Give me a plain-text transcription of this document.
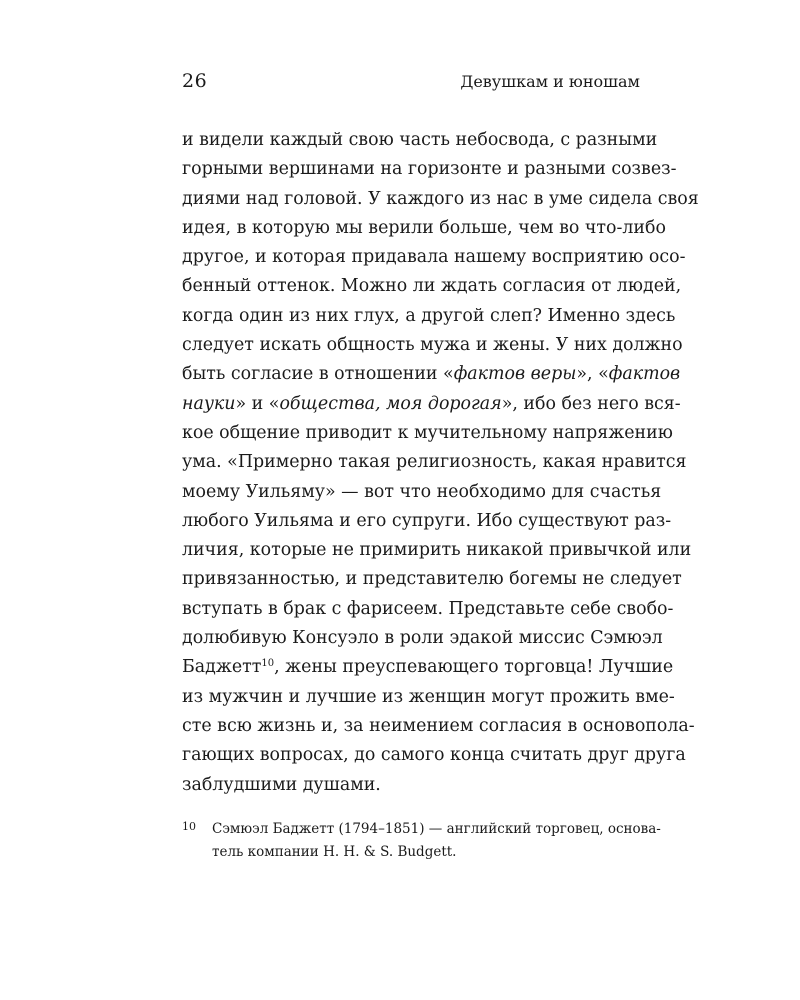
26	Девушкам и юношам
и видели каждый свою часть небосвода, с разными
горными вершинами на горизонте и разными созвез-
диями над головой. У каждого из нас в уме сидела своя
идея, в которую мы верили больше, чем во что-либо
другое, и которая придавала нашему восприятию осо-
бенный оттенок. Можно ли ждать согласия от людей,
когда один из них глух, а другой слеп? Именно здесь
следует искать общность мужа и жены. У них должно
быть согласие в отношении «фактов веры», «фактов
науки» и «общества, моя дорогая», ибо без него вся-
кое общение приводит к мучительному напряжению
ума. «Примерно такая религиозность, какая нравится
моему Уильяму» — вот что необходимо для счастья
любого Уильяма и его супруги. Ибо существуют раз-
личия, которые не примирить никакой привычкой или
привязанностью, и представителю богемы не следует
вступать в брак с фарисеем. Представьте себе свобо-
долюбивую Консуэло в роли эдакой миссис Сэмюэл
Баджетт$^{10}$, жены преуспевающего торговца! Лучшие
из мужчин и лучшие из женщин могут прожить вме-
сте всю жизнь и, за неимением согласия в основопола-
гающих вопросах, до самого конца считать друг друга
заблудшими душами.
10 Сэмюэл Баджетт (1794–1851) — английский торговец, основа-
тель компании H. H. & S. Budgett.
